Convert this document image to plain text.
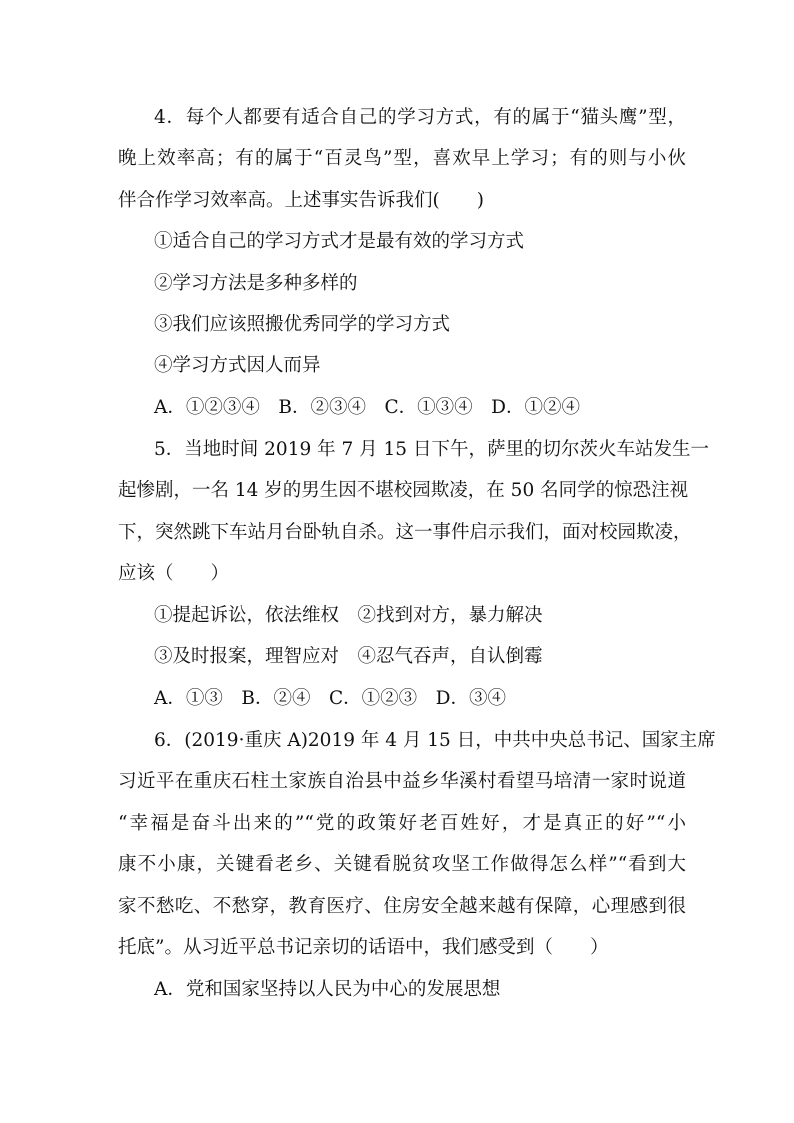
4．每个人都要有适合自己的学习方式，有的属于“猫头鹰”型，
晚上效率高；有的属于“百灵鸟”型，喜欢早上学习；有的则与小伙
伴合作学习效率高。上述事实告诉我们(　　)
①适合自己的学习方式才是最有效的学习方式
②学习方法是多种多样的
③我们应该照搬优秀同学的学习方式
④学习方式因人而异
A．①②③④　B．②③④　C．①③④　D．①②④
5．当地时间 2019 年 7 月 15 日下午，萨里的切尔茨火车站发生一
起惨剧，一名 14 岁的男生因不堪校园欺凌，在 50 名同学的惊恐注视
下，突然跳下车站月台卧轨自杀。这一事件启示我们，面对校园欺凌，
应该（　　）
①提起诉讼，依法维权　②找到对方，暴力解决
③及时报案，理智应对　④忍气吞声，自认倒霉
A．①③　B．②④　C．①②③　D．③④
6．(2019·重庆 A)2019 年 4 月 15 日，中共中央总书记、国家主席
习近平在重庆石柱土家族自治县中益乡华溪村看望马培清一家时说道
“幸福是奋斗出来的”“党的政策好老百姓好，才是真正的好”“小
康不小康，关键看老乡、关键看脱贫攻坚工作做得怎么样”“看到大
家不愁吃、不愁穿，教育医疗、住房安全越来越有保障，心理感到很
托底”。从习近平总书记亲切的话语中，我们感受到（　　）
A．党和国家坚持以人民为中心的发展思想
